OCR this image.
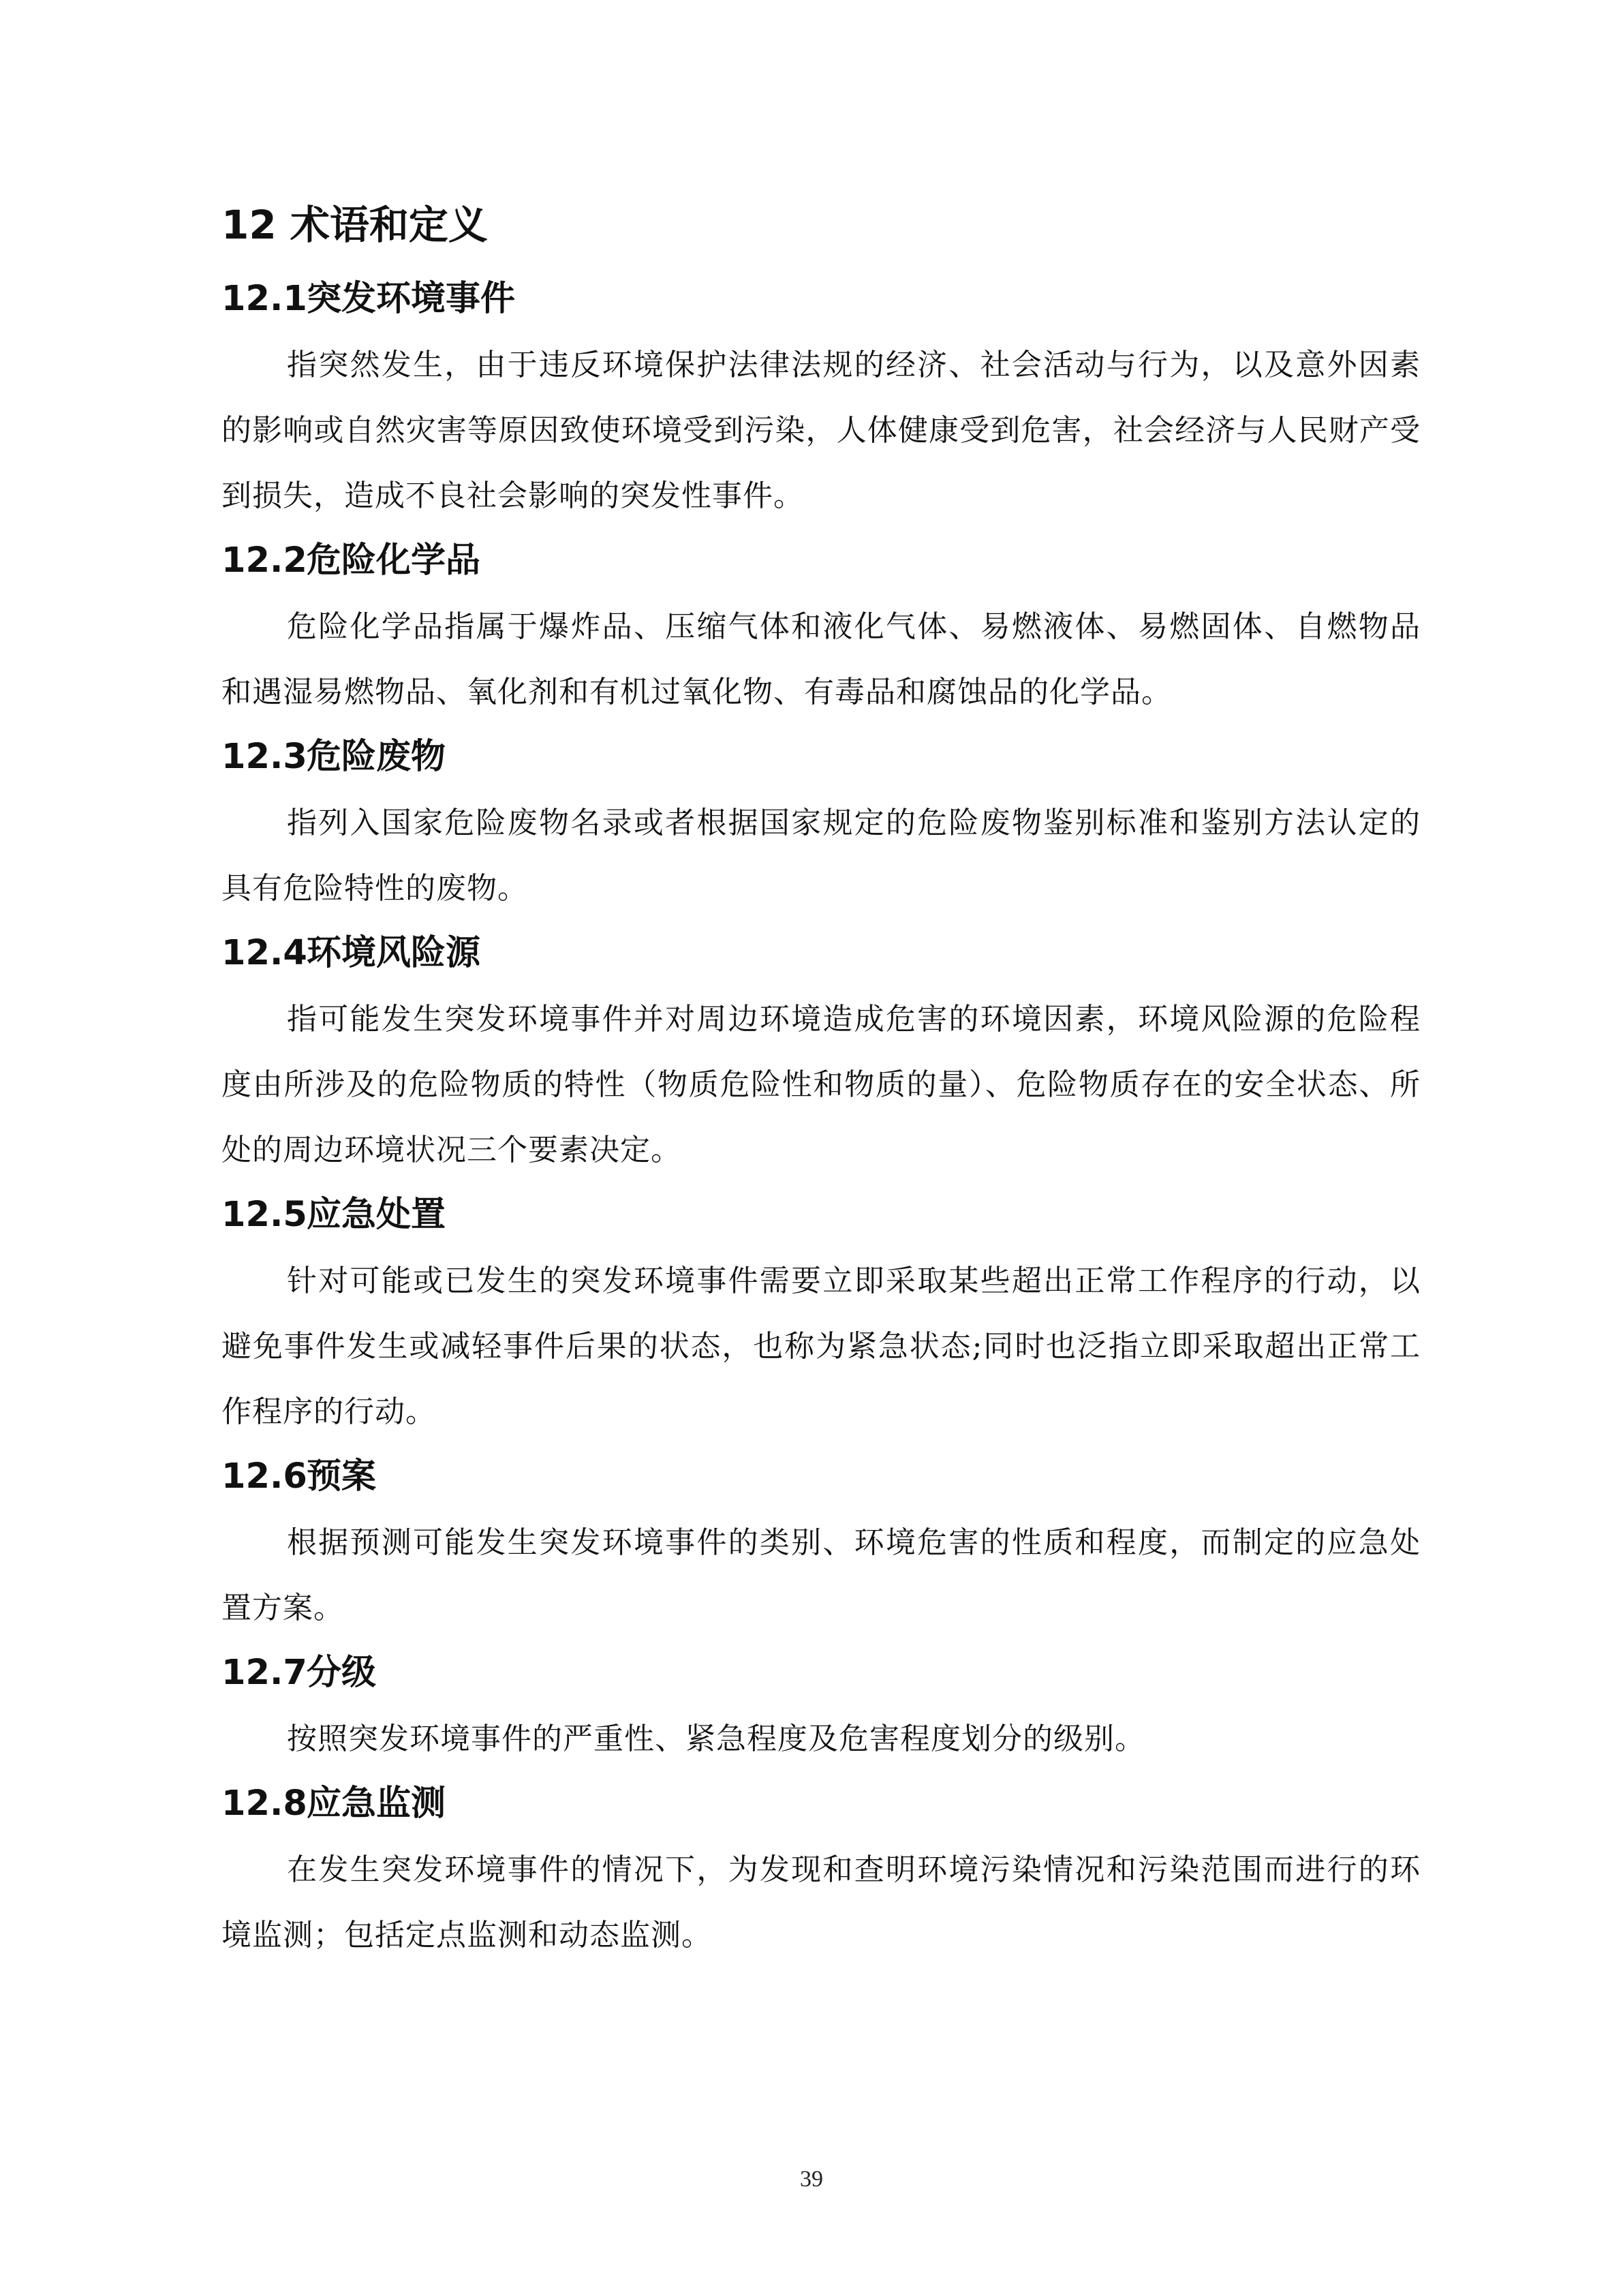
12 术语和定义
12.1突发环境事件

指突然发生，由于违反环境保护法律法规的经济、社会活动与行为，以及意外因素的影响或自然灾害等原因致使环境受到污染，人体健康受到危害，社会经济与人民财产受到损失，造成不良社会影响的突发性事件。

12.2危险化学品

危险化学品指属于爆炸品、压缩气体和液化气体、易燃液体、易燃固体、自燃物品和遇湿易燃物品、氧化剂和有机过氧化物、有毒品和腐蚀品的化学品。

12.3危险废物

指列入国家危险废物名录或者根据国家规定的危险废物鉴别标准和鉴别方法认定的具有危险特性的废物。

12.4环境风险源

指可能发生突发环境事件并对周边环境造成危害的环境因素，环境风险源的危险程度由所涉及的危险物质的特性（物质危险性和物质的量）、危险物质存在的安全状态、所处的周边环境状况三个要素决定。

12.5应急处置

针对可能或已发生的突发环境事件需要立即采取某些超出正常工作程序的行动，以避免事件发生或减轻事件后果的状态，也称为紧急状态;同时也泛指立即采取超出正常工作程序的行动。

12.6预案

根据预测可能发生突发环境事件的类别、环境危害的性质和程度，而制定的应急处置方案。

12.7分级

按照突发环境事件的严重性、紧急程度及危害程度划分的级别。

12.8应急监测

在发生突发环境事件的情况下，为发现和查明环境污染情况和污染范围而进行的环境监测；包括定点监测和动态监测。

39
